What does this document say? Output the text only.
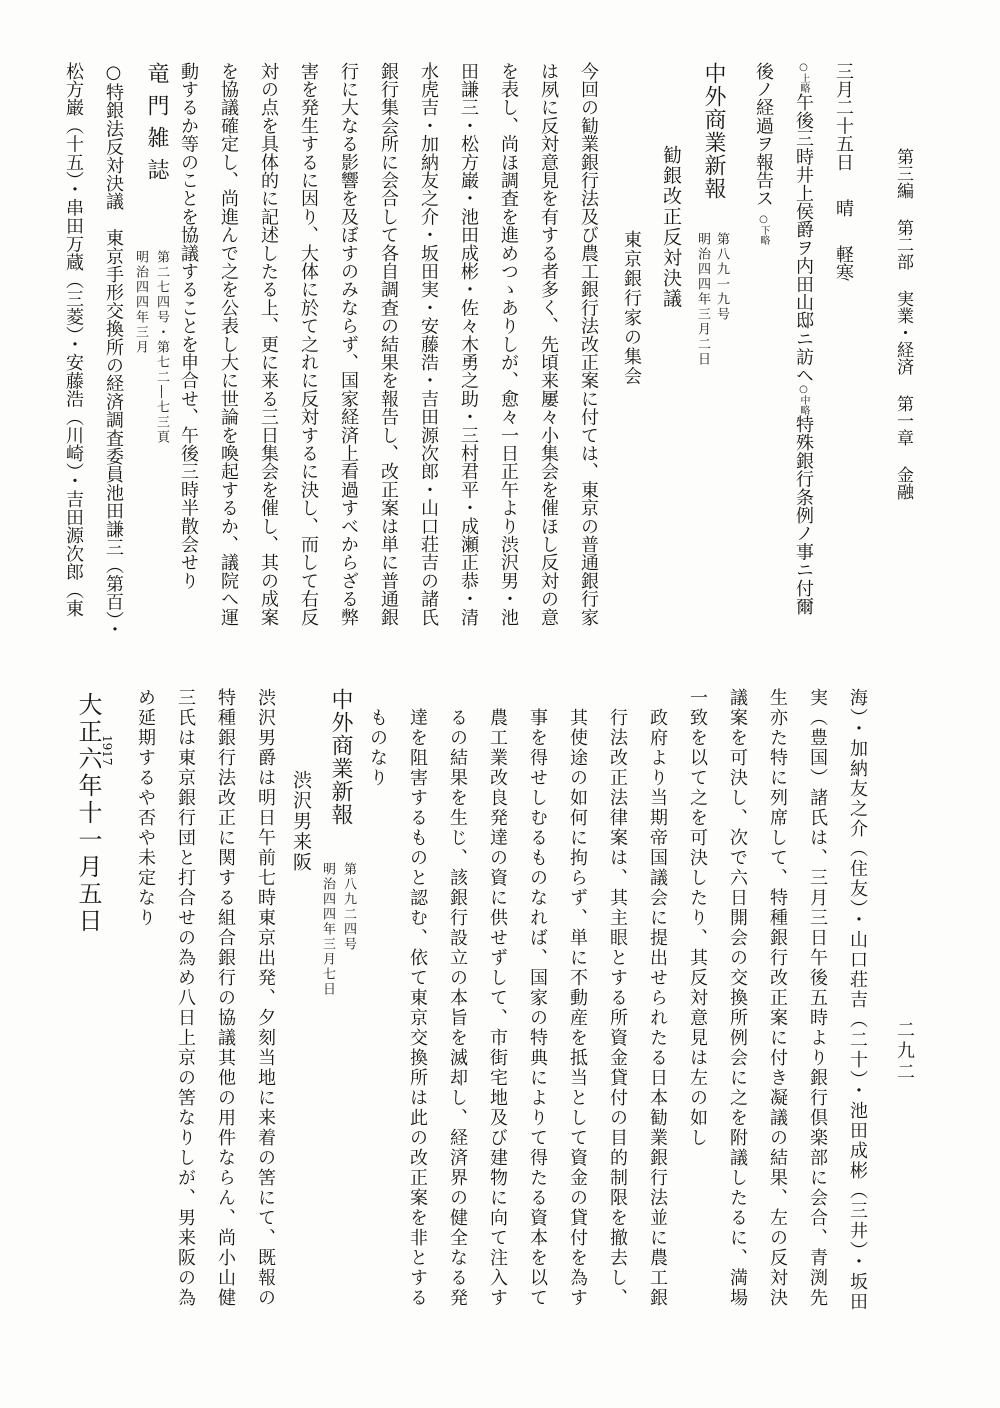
第三編第二部実業・経済第一章金融
二九二
三月二十五日晴軽寒
○上略午後三時井上侯爵ヲ内田山邸ニ訪ヘ○中略特殊銀行条例ノ事ニ付爾
後ノ経過ヲ報告ス○下略
中外商業新報
第八九一九号
明治四四年三月二日
勧銀改正反対決議
東京銀行家の集会
今回の勧業銀行法及び農工銀行法改正案に付ては、東京の普通銀行家
は夙に反対意見を有する者多く、先頃来屢々小集会を催ほし反対の意
を表し、尚ほ調査を進めつゝありしが、愈々一日正午より渋沢男・池
田謙三・松方巌・池田成彬・佐々木勇之助・三村君平・成瀬正恭・清
水虎吉・加納友之介・坂田実・安藤浩・吉田源次郎・山口荘吉の諸氏
銀行集会所に会合して各自調査の結果を報告し、改正案は単に普通銀
行に大なる影響を及ぼすのみならず、国家経済上看過すべからざる弊
害を発生するに因り、大体に於て之れに反対するに決し、而して右反
対の点を具体的に記述したる上、更に来る三日集会を催し、其の成案
を協議確定し、尚進んで之を公表し大に世論を喚起するか、議院へ運
動するか等のことを協議することを申合せ、午後三時半散会せり
竜門雑誌
第二七四号・第七二―七三頁
明治四四年三月
○特銀法反対決議　東京手形交換所の経済調査委員池田謙三（第百）・
松方巌（十五）・串田万蔵（三菱）・安藤浩（川崎）・吉田源次郎（東
海）・加納友之介（住友）・山口荘吉（二十）・池田成彬（三井）・坂田
実（豊国）諸氏は、三月三日午後五時より銀行倶楽部に会合、青渕先
生亦た特に列席して、特種銀行改正案に付き凝議の結果、左の反対決
議案を可決し、次で六日開会の交換所例会に之を附議したるに、満場
一致を以て之を可決したり、其反対意見は左の如し
政府より当期帝国議会に提出せられたる日本勧業銀行法並に農工銀
行法改正法律案は、其主眼とする所資金貸付の目的制限を撤去し、
其使途の如何に拘らず、単に不動産を抵当として資金の貸付を為す
事を得せしむるものなれば、国家の特典によりて得たる資本を以て
農工業改良発達の資に供せずして、市街宅地及び建物に向て注入す
るの結果を生じ、該銀行設立の本旨を滅却し、経済界の健全なる発
達を阻害するものと認む、依て東京交換所は此の改正案を非とする
ものなり
中外商業新報
第八九二四号
明治四四年三月七日
渋沢男来阪
渋沢男爵は明日午前七時東京出発、夕刻当地に来着の筈にて、既報の
特種銀行法改正に関する組合銀行の協議其他の用件ならん、尚小山健
三氏は東京銀行団と打合せの為め八日上京の筈なりしが、男来阪の為
め延期するや否や未定なり
1917
大正六年十一月五日
